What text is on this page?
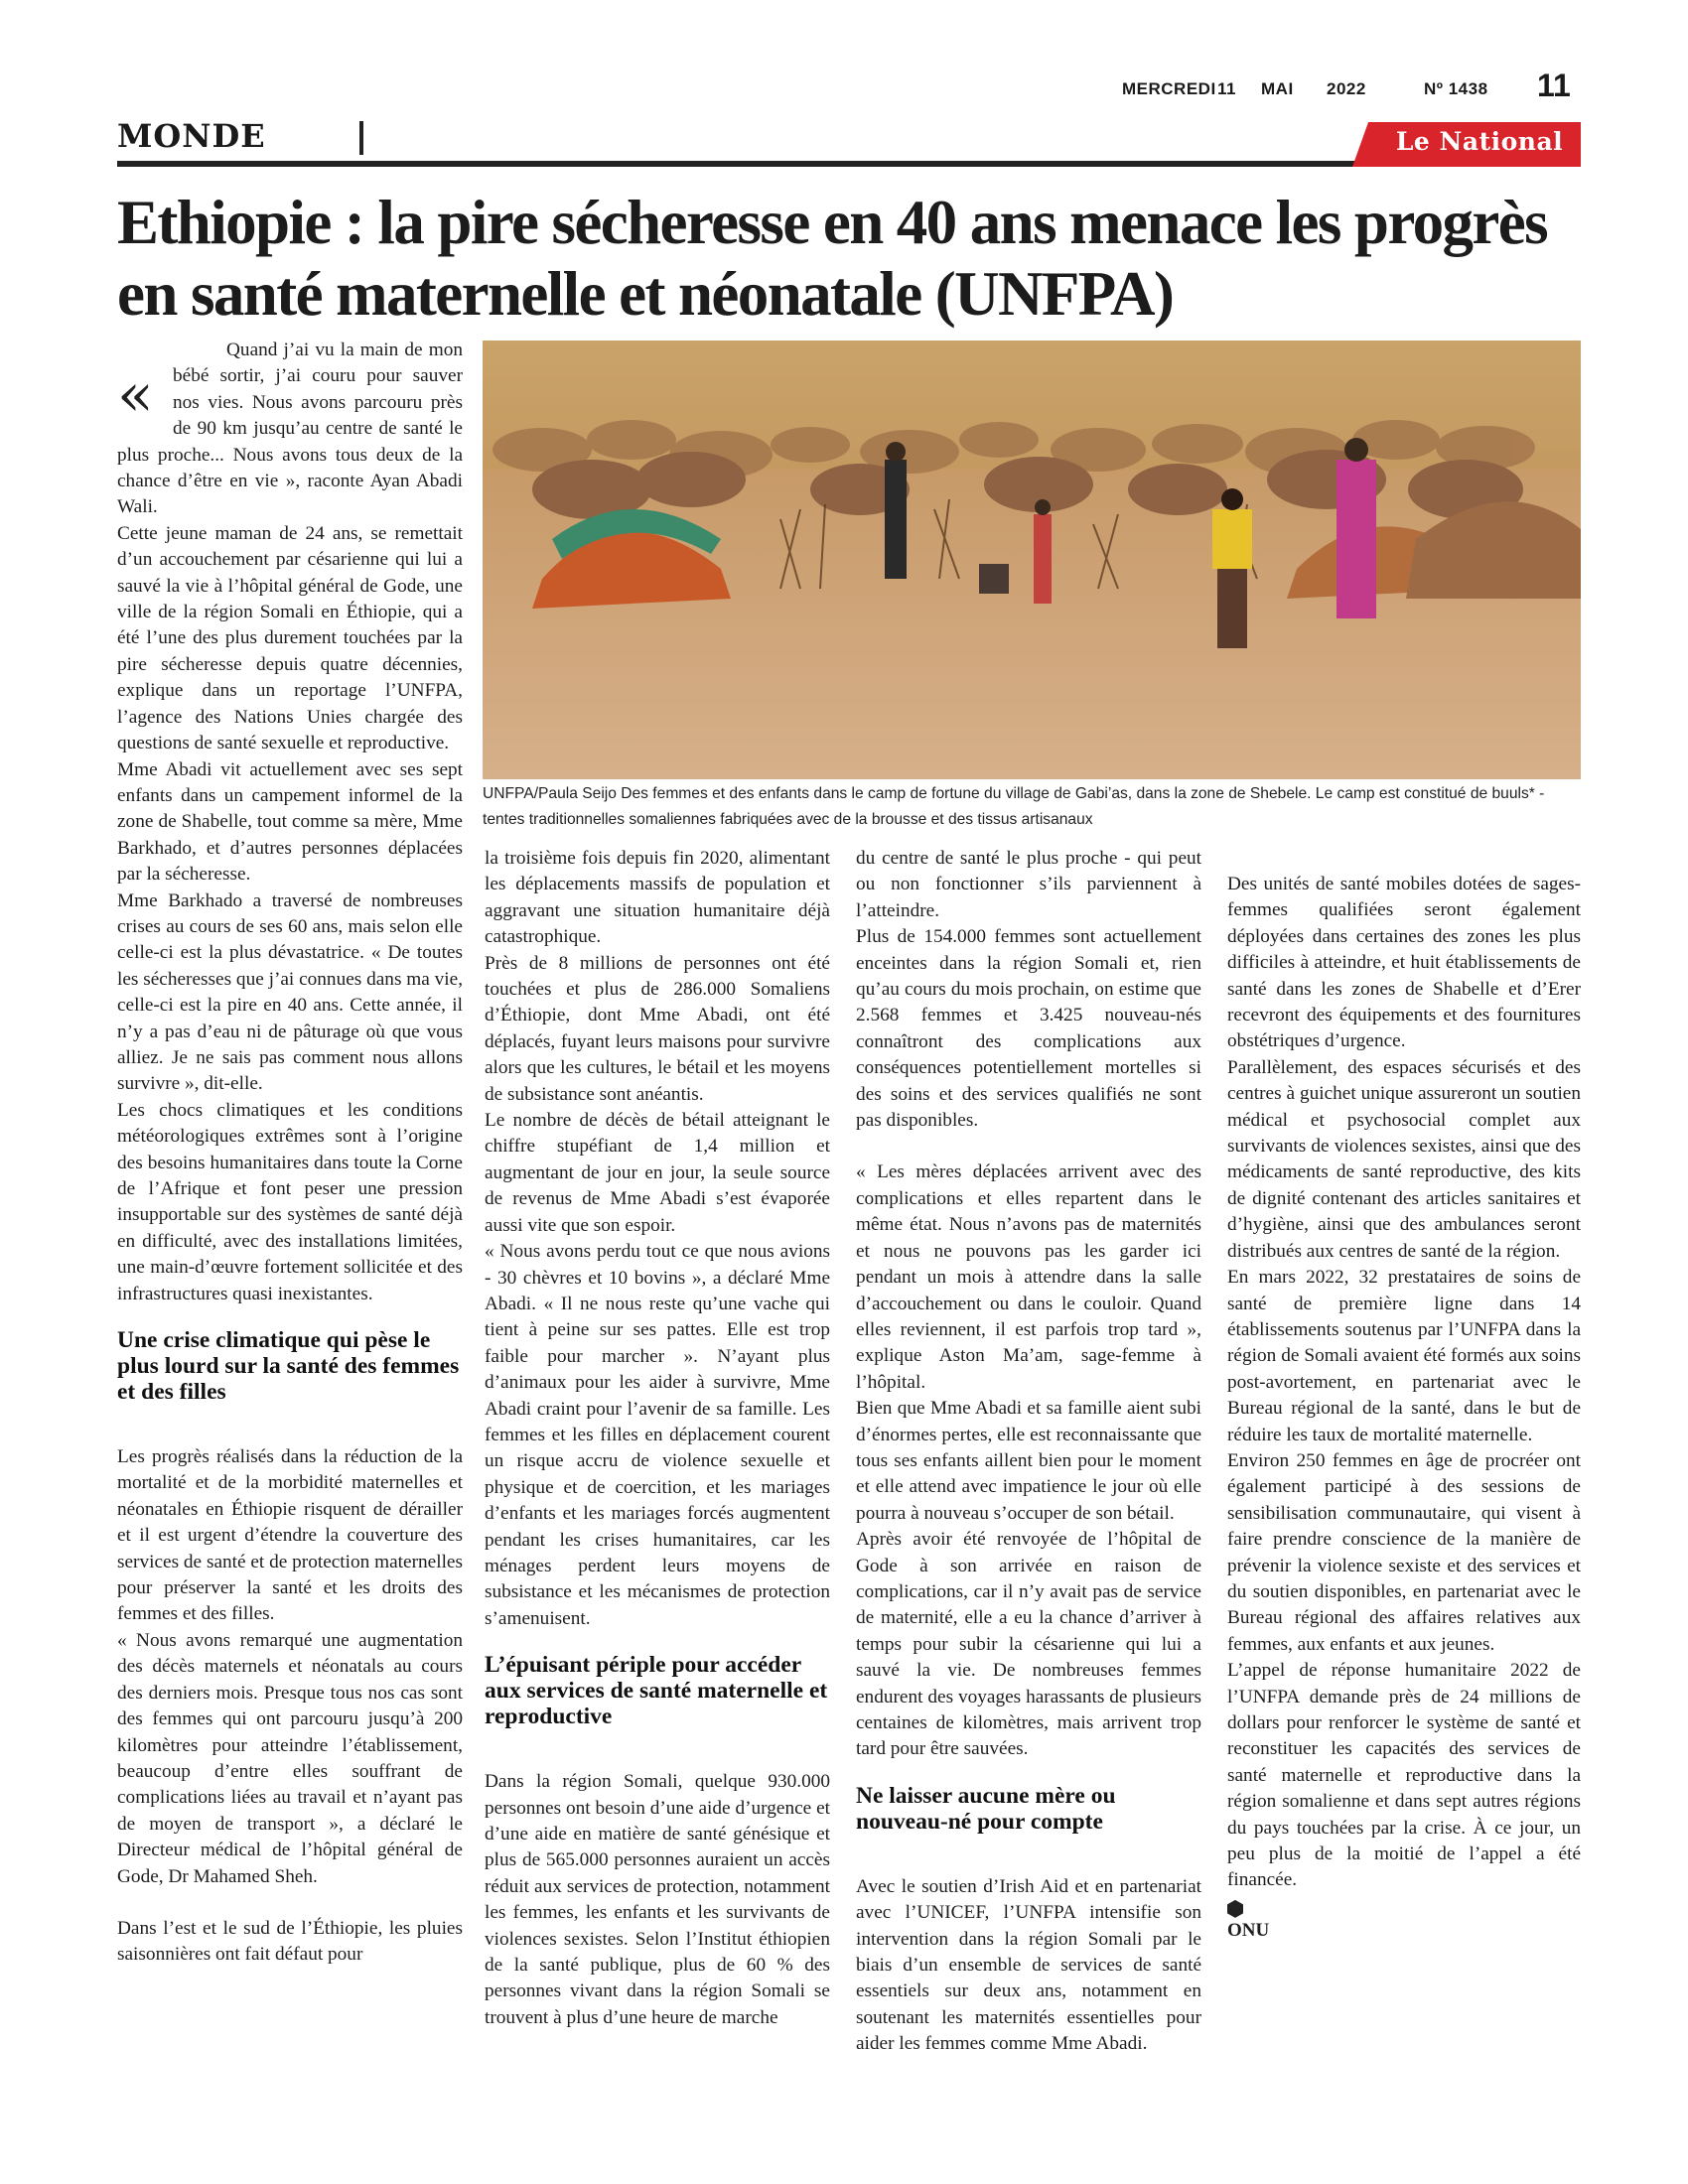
MERCREDI 11	MAI	2022	Nº 1438 11
MONDE	Le National
Ethiopie : la pire sécheresse en 40 ans menace les progrès en santé maternelle et néonatale (UNFPA)

UNFPA/Paula Seijo Des femmes et des enfants dans le camp de fortune du village de Gabi’as, dans la zone de Shebele. Le camp est constitué de buuls* - tentes traditionnelles somaliennes fabriquées avec de la brousse et des tissus artisanaux

«

Quand j’ai vu la main de mon bébé sortir, j’ai couru pour sauver nos vies. Nous avons parcouru près de 90 km jusqu’au centre de santé le plus proche... Nous avons tous deux de la chance d’être en vie », raconte Ayan Abadi Wali.

Cette jeune maman de 24 ans, se remettait d’un accouchement par césarienne qui lui a sauvé la vie à l’hôpital général de Gode, une ville de la région Somali en Éthiopie, qui a été l’une des plus durement touchées par la pire sécheresse depuis quatre décennies, explique dans un reportage l’UNFPA, l’agence des Nations Unies chargée des questions de santé sexuelle et reproductive.

Mme Abadi vit actuellement avec ses sept enfants dans un campement informel de la zone de Shabelle, tout comme sa mère, Mme Barkhado, et d’autres personnes déplacées par la sécheresse.

Mme Barkhado a traversé de nombreuses crises au cours de ses 60 ans, mais selon elle celle-ci est la plus dévastatrice. « De toutes les sécheresses que j’ai connues dans ma vie, celle-ci est la pire en 40 ans. Cette année, il n’y a pas d’eau ni de pâturage où que vous alliez. Je ne sais pas comment nous allons survivre », dit-elle.

Les chocs climatiques et les conditions météorologiques extrêmes sont à l’origine des besoins humanitaires dans toute la Corne de l’Afrique et font peser une pression insupportable sur des systèmes de santé déjà en difficulté, avec des installations limitées, une main-d’œuvre fortement sollicitée et des infrastructures quasi inexistantes.

Une crise climatique qui pèse le plus lourd sur la santé des femmes et des filles

Les progrès réalisés dans la réduction de la mortalité et de la morbidité maternelles et néonatales en Éthiopie risquent de dérailler et il est urgent d’étendre la couverture des services de santé et de protection maternelles pour préserver la santé et les droits des femmes et des filles.

« Nous avons remarqué une augmentation des décès maternels et néonatals au cours des derniers mois. Presque tous nos cas sont des femmes qui ont parcouru jusqu’à 200 kilomètres pour atteindre l’établissement, beaucoup d’entre elles souffrant de complications liées au travail et n’ayant pas de moyen de transport », a déclaré le Directeur médical de l’hôpital général de Gode, Dr Mahamed Sheh.

Dans l’est et le sud de l’Éthiopie, les pluies saisonnières ont fait défaut pour

la troisième fois depuis fin 2020, alimentant les déplacements massifs de population et aggravant une situation humanitaire déjà catastrophique.

Près de 8 millions de personnes ont été touchées et plus de 286.000 Somaliens d’Éthiopie, dont Mme Abadi, ont été déplacés, fuyant leurs maisons pour survivre alors que les cultures, le bétail et les moyens de subsistance sont anéantis.

Le nombre de décès de bétail atteignant le chiffre stupéfiant de 1,4 million et augmentant de jour en jour, la seule source de revenus de Mme Abadi s’est évaporée aussi vite que son espoir.

« Nous avons perdu tout ce que nous avions - 30 chèvres et 10 bovins », a déclaré Mme Abadi. « Il ne nous reste qu’une vache qui tient à peine sur ses pattes. Elle est trop faible pour marcher ». N’ayant plus d’animaux pour les aider à survivre, Mme Abadi craint pour l’avenir de sa famille. Les femmes et les filles en déplacement courent un risque accru de violence sexuelle et physique et de coercition, et les mariages d’enfants et les mariages forcés augmentent pendant les crises humanitaires, car les ménages perdent leurs moyens de subsistance et les mécanismes de protection s’amenuisent.

L’épuisant périple pour accéder aux services de santé maternelle et reproductive

Dans la région Somali, quelque 930.000 personnes ont besoin d’une aide d’urgence et d’une aide en matière de santé génésique et plus de 565.000 personnes auraient un accès réduit aux services de protection, notamment les femmes, les enfants et les survivants de violences sexistes. Selon l’Institut éthiopien de la santé publique, plus de 60 % des personnes vivant dans la région Somali se trouvent à plus d’une heure de marche

du centre de santé le plus proche - qui peut ou non fonctionner s’ils parviennent à l’atteindre.

Plus de 154.000 femmes sont actuellement enceintes dans la région Somali et, rien qu’au cours du mois prochain, on estime que 2.568 femmes et 3.425 nouveau-nés connaîtront des complications aux conséquences potentiellement mortelles si des soins et des services qualifiés ne sont pas disponibles.

« Les mères déplacées arrivent avec des complications et elles repartent dans le même état. Nous n’avons pas de maternités et nous ne pouvons pas les garder ici pendant un mois à attendre dans la salle d’accouchement ou dans le couloir. Quand elles reviennent, il est parfois trop tard », explique Aston Ma’am, sage-femme à l’hôpital.

Bien que Mme Abadi et sa famille aient subi d’énormes pertes, elle est reconnaissante que tous ses enfants aillent bien pour le moment et elle attend avec impatience le jour où elle pourra à nouveau s’occuper de son bétail.

Après avoir été renvoyée de l’hôpital de Gode à son arrivée en raison de complications, car il n’y avait pas de service de maternité, elle a eu la chance d’arriver à temps pour subir la césarienne qui lui a sauvé la vie. De nombreuses femmes endurent des voyages harassants de plusieurs centaines de kilomètres, mais arrivent trop tard pour être sauvées.

Ne laisser aucune mère ou nouveau-né pour compte

Avec le soutien d’Irish Aid et en partenariat avec l’UNICEF, l’UNFPA intensifie son intervention dans la région Somali par le biais d’un ensemble de services de santé essentiels sur deux ans, notamment en soutenant les maternités essentielles pour aider les femmes comme Mme Abadi.

Des unités de santé mobiles dotées de sages-femmes qualifiées seront également déployées dans certaines des zones les plus difficiles à atteindre, et huit établissements de santé dans les zones de Shabelle et d’Erer recevront des équipements et des fournitures obstétriques d’urgence.

Parallèlement, des espaces sécurisés et des centres à guichet unique assureront un soutien médical et psychosocial complet aux survivants de violences sexistes, ainsi que des médicaments de santé reproductive, des kits de dignité contenant des articles sanitaires et d’hygiène, ainsi que des ambulances seront distribués aux centres de santé de la région.

En mars 2022, 32 prestataires de soins de santé de première ligne dans 14 établissements soutenus par l’UNFPA dans la région de Somali avaient été formés aux soins post-avortement, en partenariat avec le Bureau régional de la santé, dans le but de réduire les taux de mortalité maternelle.

Environ 250 femmes en âge de procréer ont également participé à des sessions de sensibilisation communautaire, qui visent à faire prendre conscience de la manière de prévenir la violence sexiste et des services et du soutien disponibles, en partenariat avec le Bureau régional des affaires relatives aux femmes, aux enfants et aux jeunes.

L’appel de réponse humanitaire 2022 de l’UNFPA demande près de 24 millions de dollars pour renforcer le système de santé et reconstituer les capacités des services de santé maternelle et reproductive dans la région somalienne et dans sept autres régions du pays touchées par la crise. À ce jour, un peu plus de la moitié de l’appel a été financée.

ONU
